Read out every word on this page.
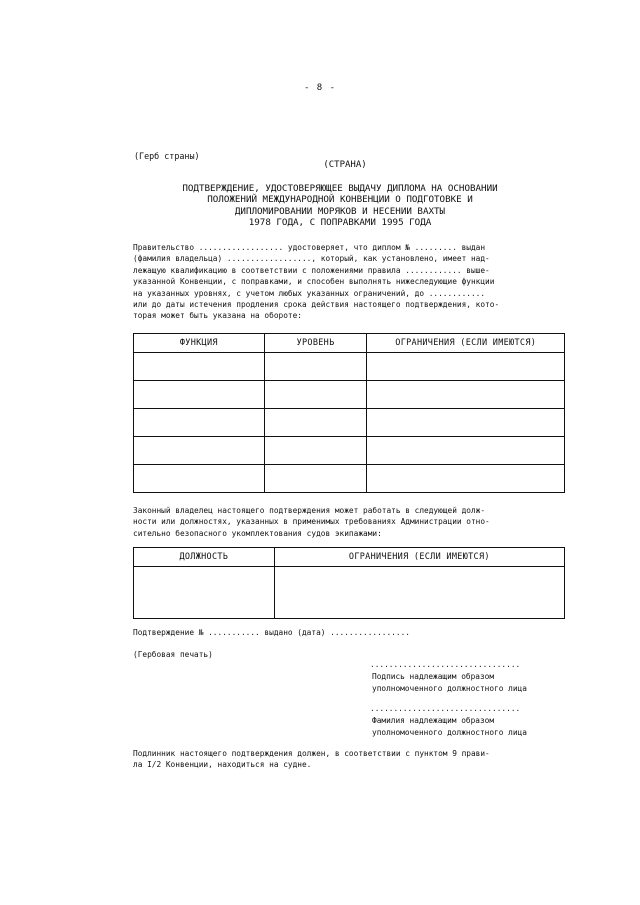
- 8 -
(Герб страны)
(СТРАНА)
ПОДТВЕРЖДЕНИЕ, УДОСТОВЕРЯЮЩЕЕ ВЫДАЧУ ДИПЛОМА НА ОСНОВАНИИ
ПОЛОЖЕНИЙ МЕЖДУНАРОДНОЙ КОНВЕНЦИИ О ПОДГОТОВКЕ И
ДИПЛОМИРОВАНИИ МОРЯКОВ И НЕСЕНИИ ВАХТЫ
1978 ГОДА, С ПОПРАВКАМИ 1995 ГОДА
Правительство .................. удостоверяет, что диплом № ......... выдан
(фамилия владельца) .................., который, как установлено, имеет над-
лежащую квалификацию в соответствии с положениями правила ............ выше-
указанной Конвенции, с поправками, и способен выполнять нижеследующие функции
на указанных уровнях, с учетом любых указанных ограничений, до ............
или до даты истечения продления срока действия настоящего подтверждения, кото-
торая может быть указана на обороте:
ФУНКЦИЯ	УРОВЕНЬ	ОГРАНИЧЕНИЯ (ЕСЛИ ИМЕЮТСЯ)

Законный владелец настоящего подтверждения может работать в следующей долж-
ности или должностях, указанных в применимых требованиях Администрации отно-
сительно безопасного укомплектования судов экипажами:
ДОЛЖНОСТЬ	ОГРАНИЧЕНИЯ (ЕСЛИ ИМЕЮТСЯ)

Подтверждение № ........... выдано (дата) .................
(Гербовая печать)
................................
Подпись надлежащим образом
уполномоченного должностного лица
................................
Фамилия надлежащим образом
уполномоченного должностного лица
Подлинник настоящего подтверждения должен, в соответствии с пунктом 9 прави-
ла I/2 Конвенции, находиться на судне.
